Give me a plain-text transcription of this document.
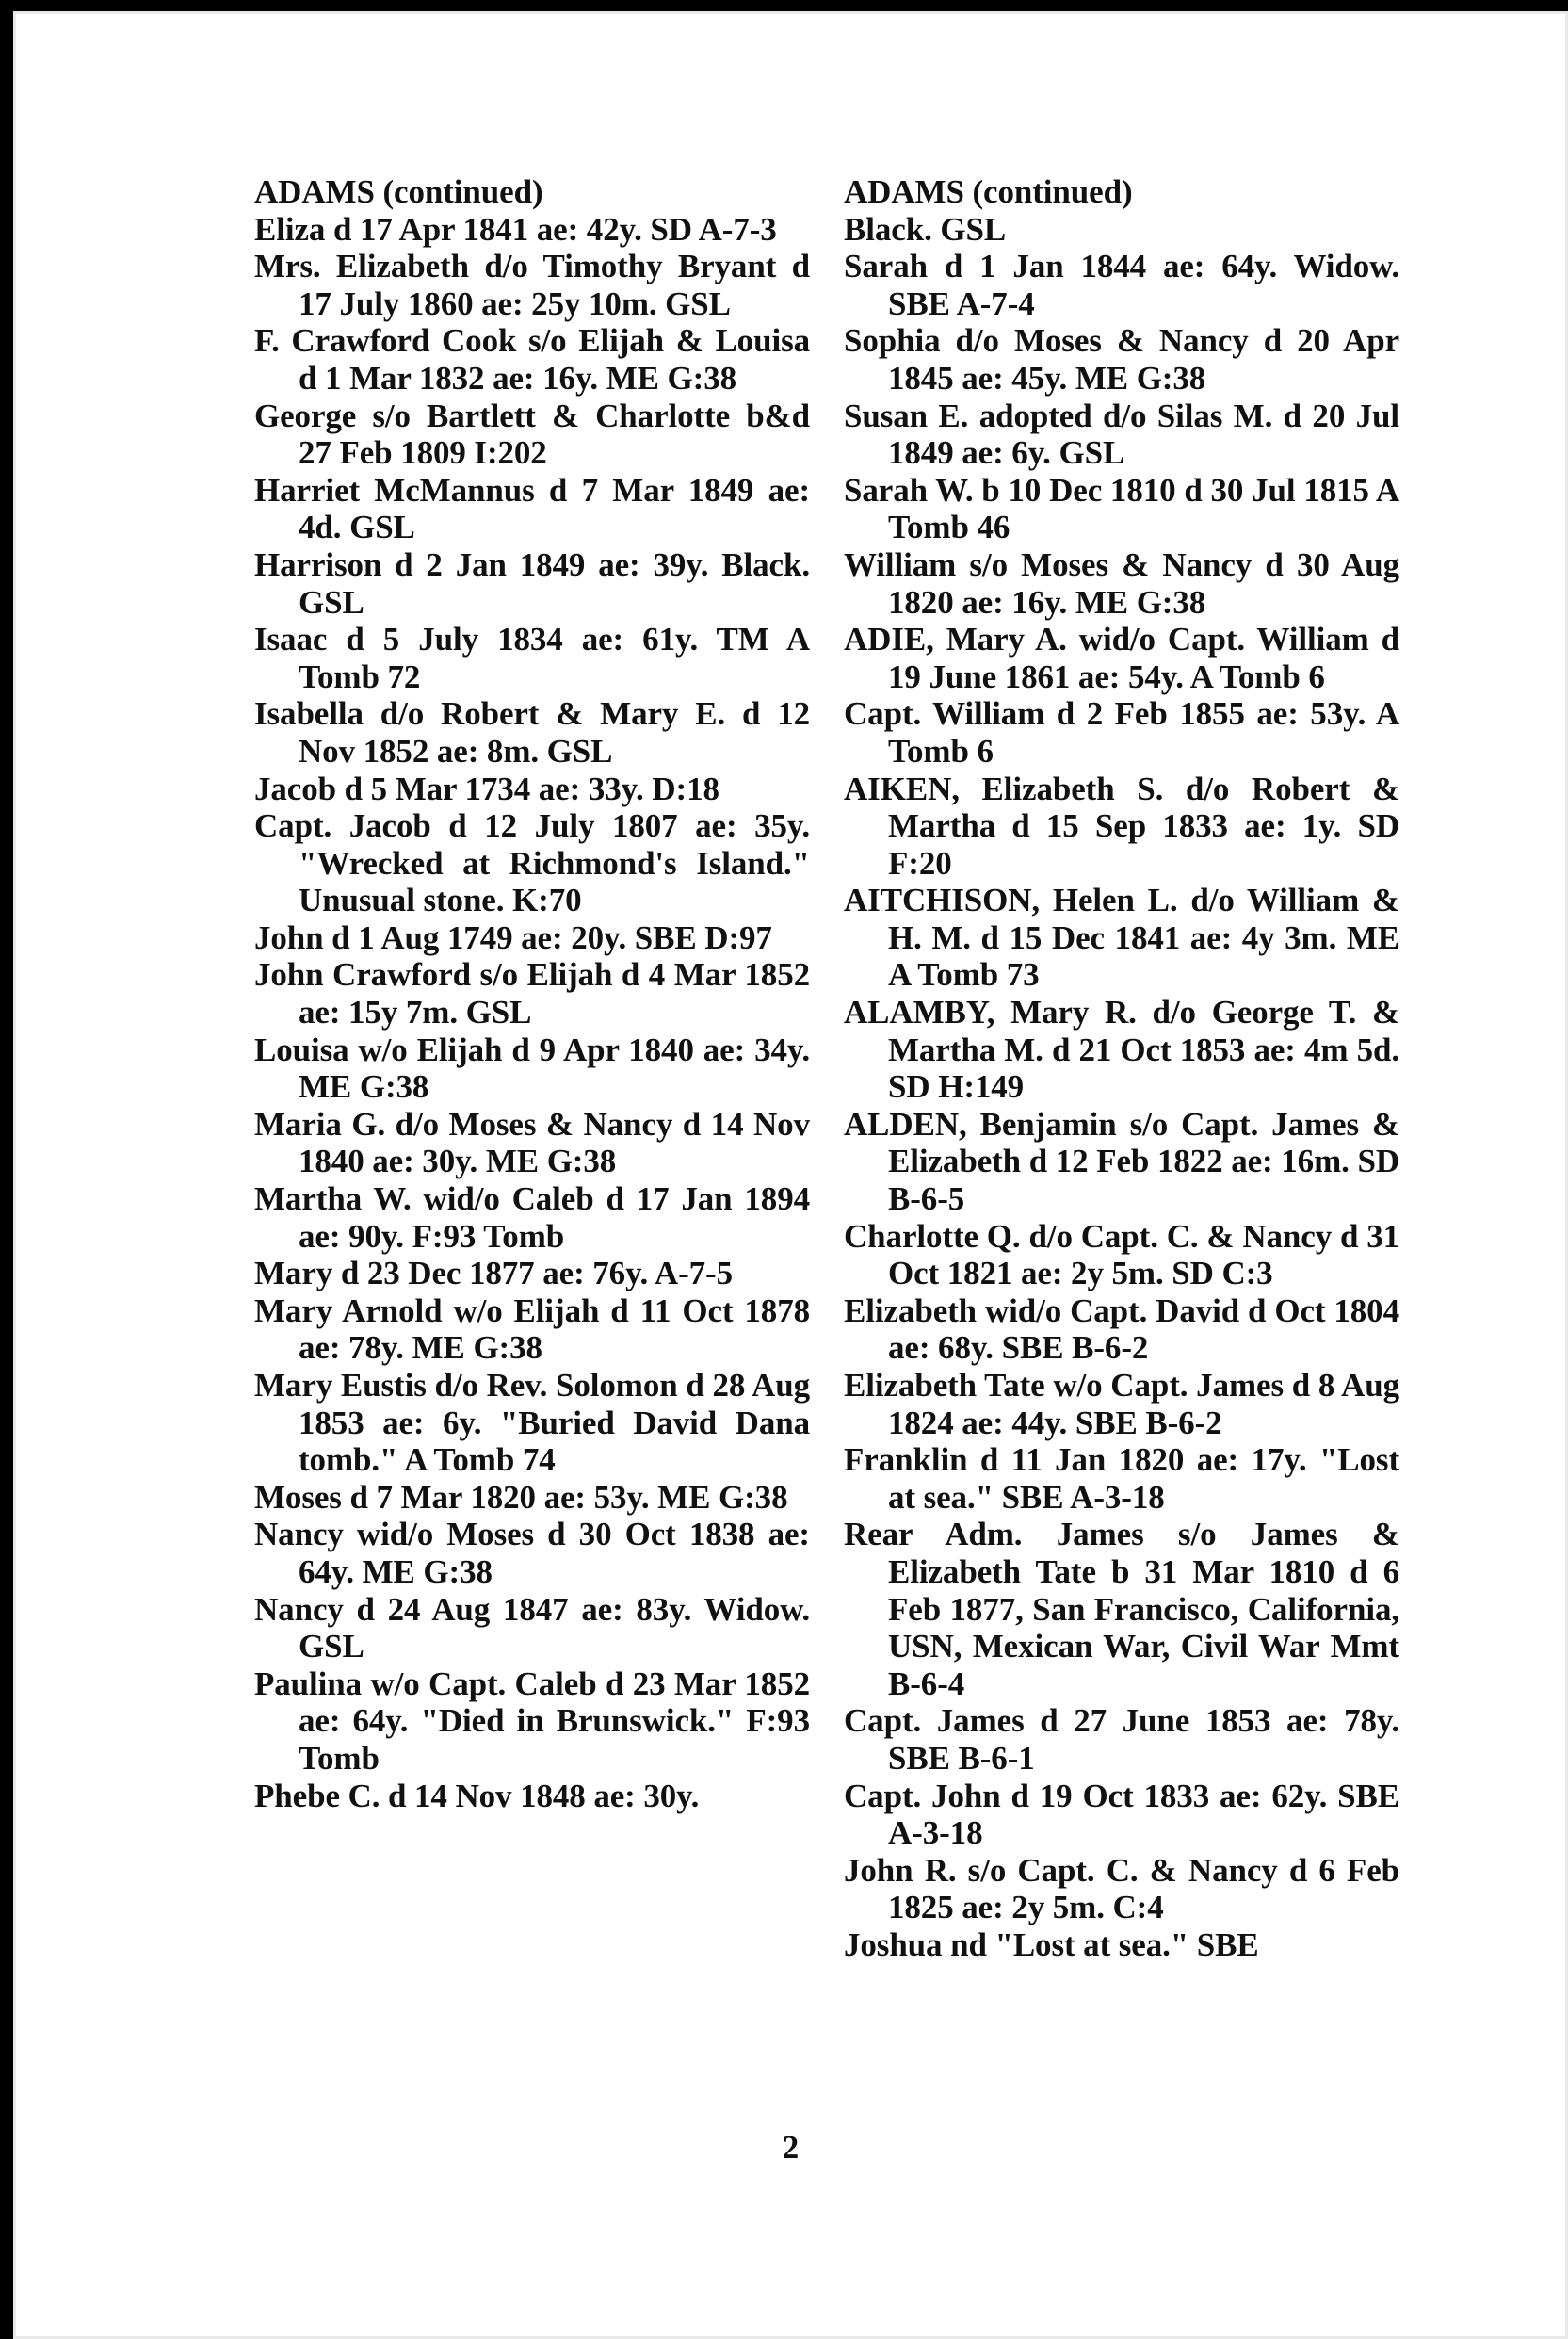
ADAMS (continued)
Eliza d 17 Apr 1841 ae: 42y. SD A-7-3
Mrs. Elizabeth d/o Timothy Bryant d 17 July 1860 ae: 25y 10m. GSL
F. Crawford Cook s/o Elijah & Louisa d 1 Mar 1832 ae: 16y. ME G:38
George s/o Bartlett & Charlotte b&d 27 Feb 1809 I:202
Harriet McMannus d 7 Mar 1849 ae: 4d. GSL
Harrison d 2 Jan 1849 ae: 39y. Black. GSL
Isaac d 5 July 1834 ae: 61y. TM A Tomb 72
Isabella d/o Robert & Mary E. d 12 Nov 1852 ae: 8m. GSL
Jacob d 5 Mar 1734 ae: 33y. D:18
Capt. Jacob d 12 July 1807 ae: 35y. "Wrecked at Richmond's Island." Unusual stone. K:70
John d 1 Aug 1749 ae: 20y. SBE D:97
John Crawford s/o Elijah d 4 Mar 1852 ae: 15y 7m. GSL
Louisa w/o Elijah d 9 Apr 1840 ae: 34y. ME G:38
Maria G. d/o Moses & Nancy d 14 Nov 1840 ae: 30y. ME G:38
Martha W. wid/o Caleb d 17 Jan 1894 ae: 90y. F:93 Tomb
Mary d 23 Dec 1877 ae: 76y. A-7-5
Mary Arnold w/o Elijah d 11 Oct 1878 ae: 78y. ME G:38
Mary Eustis d/o Rev. Solomon d 28 Aug 1853 ae: 6y. "Buried David Dana tomb." A Tomb 74
Moses d 7 Mar 1820 ae: 53y. ME G:38
Nancy wid/o Moses d 30 Oct 1838 ae: 64y. ME G:38
Nancy d 24 Aug 1847 ae: 83y. Widow. GSL
Paulina w/o Capt. Caleb d 23 Mar 1852 ae: 64y. "Died in Brunswick." F:93 Tomb
Phebe C. d 14 Nov 1848 ae: 30y.
ADAMS (continued)
Black. GSL
Sarah d 1 Jan 1844 ae: 64y. Widow. SBE A-7-4
Sophia d/o Moses & Nancy d 20 Apr 1845 ae: 45y. ME G:38
Susan E. adopted d/o Silas M. d 20 Jul 1849 ae: 6y. GSL
Sarah W. b 10 Dec 1810 d 30 Jul 1815 A Tomb 46
William s/o Moses & Nancy d 30 Aug 1820 ae: 16y. ME G:38
ADIE, Mary A. wid/o Capt. William d 19 June 1861 ae: 54y. A Tomb 6
Capt. William d 2 Feb 1855 ae: 53y. A Tomb 6
AIKEN, Elizabeth S. d/o Robert & Martha d 15 Sep 1833 ae: 1y. SD F:20
AITCHISON, Helen L. d/o William & H. M. d 15 Dec 1841 ae: 4y 3m. ME A Tomb 73
ALAMBY, Mary R. d/o George T. & Martha M. d 21 Oct 1853 ae: 4m 5d. SD H:149
ALDEN, Benjamin s/o Capt. James & Elizabeth d 12 Feb 1822 ae: 16m. SD B-6-5
Charlotte Q. d/o Capt. C. & Nancy d 31 Oct 1821 ae: 2y 5m. SD C:3
Elizabeth wid/o Capt. David d Oct 1804 ae: 68y. SBE B-6-2
Elizabeth Tate w/o Capt. James d 8 Aug 1824 ae: 44y. SBE B-6-2
Franklin d 11 Jan 1820 ae: 17y. "Lost at sea." SBE A-3-18
Rear Adm. James s/o James & Elizabeth Tate b 31 Mar 1810 d 6 Feb 1877, San Francisco, California, USN, Mexican War, Civil War Mmt B-6-4
Capt. James d 27 June 1853 ae: 78y. SBE B-6-1
Capt. John d 19 Oct 1833 ae: 62y. SBE A-3-18
John R. s/o Capt. C. & Nancy d 6 Feb 1825 ae: 2y 5m. C:4
Joshua nd "Lost at sea." SBE
2
